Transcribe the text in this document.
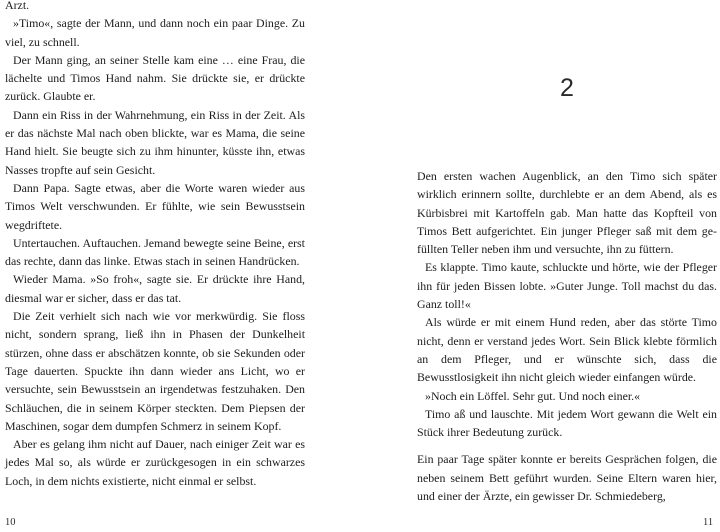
Arzt.

»Timo«, sagte der Mann, und dann noch ein paar Dinge. Zu viel, zu schnell.

Der Mann ging, an seiner Stelle kam eine … eine Frau, die lächelte und Timos Hand nahm. Sie drückte sie, er drückte zurück. Glaubte er.

Dann ein Riss in der Wahrnehmung, ein Riss in der Zeit. Als er das nächste Mal nach oben blickte, war es Mama, die seine Hand hielt. Sie beugte sich zu ihm hinunter, küsste ihn, etwas Nasses tropfte auf sein Gesicht.

Dann Papa. Sagte etwas, aber die Worte waren wieder aus Timos Welt verschwunden. Er fühlte, wie sein Bewusstsein wegdriftete.

Untertauchen. Auftauchen. Jemand bewegte seine Beine, erst das rechte, dann das linke. Etwas stach in seinen Handrücken.

Wieder Mama. »So froh«, sagte sie. Er drückte ihre Hand, diesmal war er sicher, dass er das tat.

Die Zeit verhielt sich nach wie vor merkwürdig. Sie floss nicht, sondern sprang, ließ ihn in Phasen der Dunkelheit stürzen, ohne dass er abschätzen konnte, ob sie Sekunden oder Tage dauerten. Spuckte ihn dann wieder ans Licht, wo er versuchte, sein Bewusstsein an irgendetwas festzuhaken. Den Schläuchen, die in seinem Körper steckten. Dem Piepsen der Maschinen, sogar dem dumpfen Schmerz in seinem Kopf.

Aber es gelang ihm nicht auf Dauer, nach einiger Zeit war es jedes Mal so, als würde er zurückgesogen in ein schwarzes Loch, in dem nichts existierte, nicht einmal er selbst.

10
2

Den ersten wachen Augenblick, an den Timo sich später wirklich erinnern sollte, durchlebte er an dem Abend, als es Kürbisbrei mit Kartoffeln gab. Man hatte das Kopfteil von Timos Bett aufgerichtet. Ein junger Pfleger saß mit dem gefüllten Teller neben ihm und versuchte, ihn zu füttern.

Es klappte. Timo kaute, schluckte und hörte, wie der Pfleger ihn für jeden Bissen lobte. »Guter Junge. Toll machst du das. Ganz toll!«

Als würde er mit einem Hund reden, aber das störte Timo nicht, denn er verstand jedes Wort. Sein Blick klebte förmlich an dem Pfleger, und er wünschte sich, dass die Bewusstlosigkeit ihn nicht gleich wieder einfangen würde.

»Noch ein Löffel. Sehr gut. Und noch einer.«

Timo aß und lauschte. Mit jedem Wort gewann die Welt ein Stück ihrer Bedeutung zurück.

Ein paar Tage später konnte er bereits Gesprächen folgen, die neben seinem Bett geführt wurden. Seine Eltern waren hier, und einer der Ärzte, ein gewisser Dr. Schmiedeberg,

11
